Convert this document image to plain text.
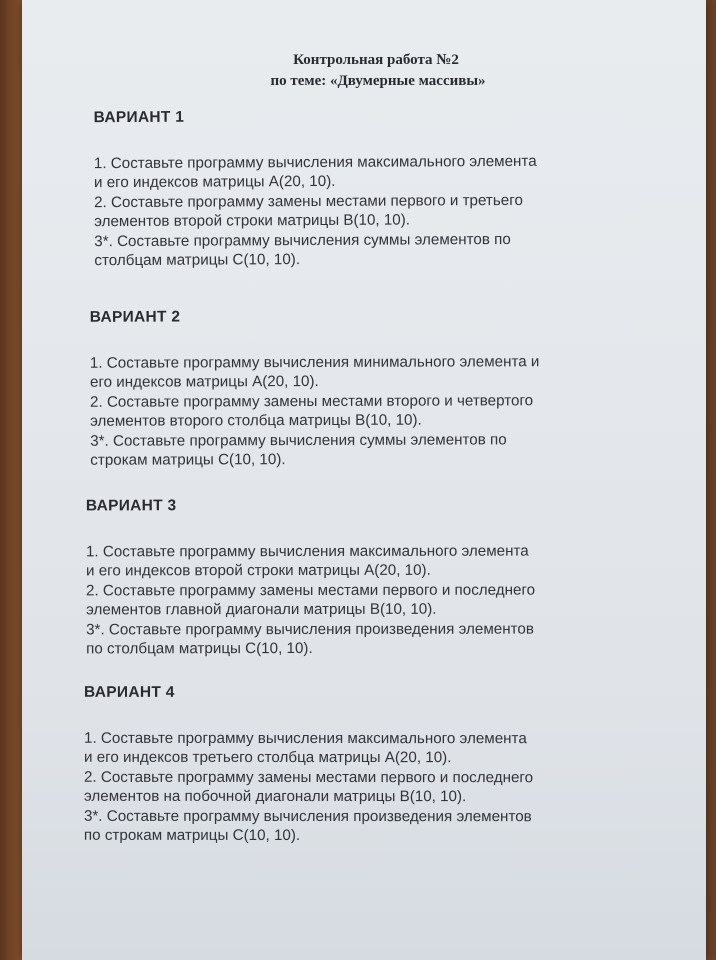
Контрольная работа №2
по теме: «Двумерные массивы»
ВАРИАНТ 1

1. Составьте программу вычисления максимального элемента

и его индексов матрицы A(20, 10).

2. Составьте программу замены местами первого и третьего

элементов второй строки матрицы B(10, 10).

3*. Составьте программу вычисления суммы элементов по

столбцам матрицы C(10, 10).

ВАРИАНТ 2

1. Составьте программу вычисления минимального элемента и

его индексов матрицы A(20, 10).

2. Составьте программу замены местами второго и четвертого

элементов второго столбца матрицы B(10, 10).

3*. Составьте программу вычисления суммы элементов по

строкам матрицы C(10, 10).

ВАРИАНТ 3

1. Составьте программу вычисления максимального элемента

и его индексов второй строки матрицы A(20, 10).

2. Составьте программу замены местами первого и последнего

элементов главной диагонали матрицы B(10, 10).

3*. Составьте программу вычисления произведения элементов

по столбцам матрицы C(10, 10).

ВАРИАНТ 4

1. Составьте программу вычисления максимального элемента

и его индексов третьего столбца матрицы A(20, 10).

2. Составьте программу замены местами первого и последнего

элементов на побочной диагонали матрицы B(10, 10).

3*. Составьте программу вычисления произведения элементов

по строкам матрицы C(10, 10).
